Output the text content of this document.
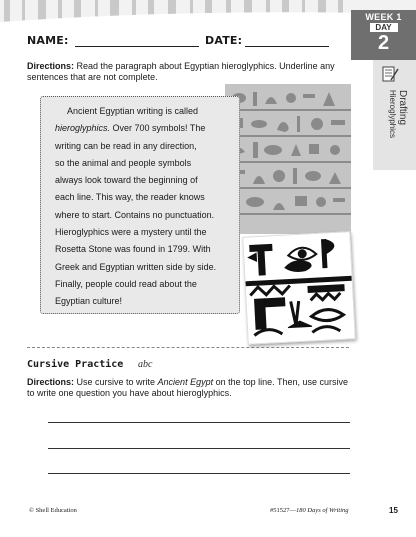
NAME:	DATE:
WEEK 1
DAY
2
Drafting
Hieroglyphics
Directions: Read the paragraph about Egyptian hieroglyphics. Underline any sentences that are not complete.
Ancient Egyptian writing is called
hieroglyphics. Over 700 symbols! The
writing can be read in any direction,
so the animal and people symbols
always look toward the beginning of
each line. This way, the reader knows
where to start. Contains no punctuation.
Hieroglyphics were a mystery until the
Rosetta Stone was found in 1799. With
Greek and Egyptian written side by side.
Finally, people could read about the
Egyptian culture!
Cursive Practice abc
Directions: Use cursive to write Ancient Egypt on the top line. Then, use cursive to write one question you have about hieroglyphics.
© Shell Education	#51527—180 Days of Writing	15
